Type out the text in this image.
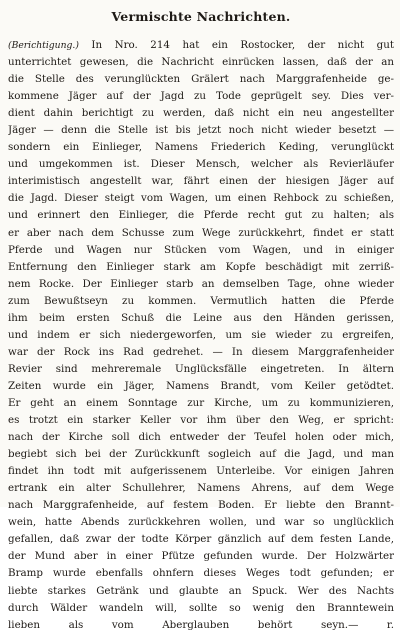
Vermischte Nachrichten.
(Berichtigung.) In Nro. 214 hat ein Rostocker, der nicht gut
unterrichtet gewesen, die Nachricht einrücken lassen, daß der an
die Stelle des verunglückten Grälert nach Marggrafenheide ge-
kommene Jäger auf der Jagd zu Tode geprügelt sey. Dies ver-
dient dahin berichtigt zu werden, daß nicht ein neu angestellter
Jäger — denn die Stelle ist bis jetzt noch nicht wieder besetzt —
sondern ein Einlieger, Namens Friederich Keding, verunglückt
und umgekommen ist. Dieser Mensch, welcher als Revierläufer
interimistisch angestellt war, fährt einen der hiesigen Jäger auf
die Jagd. Dieser steigt vom Wagen, um einen Rehbock zu schießen,
und erinnert den Einlieger, die Pferde recht gut zu halten; als
er aber nach dem Schusse zum Wege zurückkehrt, findet er statt
Pferde und Wagen nur Stücken vom Wagen, und in einiger
Entfernung den Einlieger stark am Kopfe beschädigt mit zerriß-
nem Rocke. Der Einlieger starb an demselben Tage, ohne wieder
zum Bewußtseyn zu kommen. Vermutlich hatten die Pferde
ihm beim ersten Schuß die Leine aus den Händen gerissen,
und indem er sich niedergeworfen, um sie wieder zu ergreifen,
war der Rock ins Rad gedrehet. — In diesem Marggrafenheider
Revier sind mehreremale Unglücksfälle eingetreten. In ältern
Zeiten wurde ein Jäger, Namens Brandt, vom Keiler getödtet.
Er geht an einem Sonntage zur Kirche, um zu kommunizieren,
es trotzt ein starker Keller vor ihm über den Weg, er spricht:
nach der Kirche soll dich entweder der Teufel holen oder mich,
begiebt sich bei der Zurückkunft sogleich auf die Jagd, und man
findet ihn todt mit aufgerissenem Unterleibe. Vor einigen Jahren
ertrank ein alter Schullehrer, Namens Ahrens, auf dem Wege
nach Marggrafenheide, auf festem Boden. Er liebte den Brannt-
wein, hatte Abends zurückkehren wollen, und war so unglücklich
gefallen, daß zwar der todte Körper gänzlich auf dem festen Lande,
der Mund aber in einer Pfütze gefunden wurde. Der Holzwärter
Bramp wurde ebenfalls ohnfern dieses Weges todt gefunden; er
liebte starkes Getränk und glaubte an Spuck. Wer des Nachts
durch Wälder wandeln will, sollte so wenig den Branntewein
lieben als vom Aberglauben behört seyn.— r.
